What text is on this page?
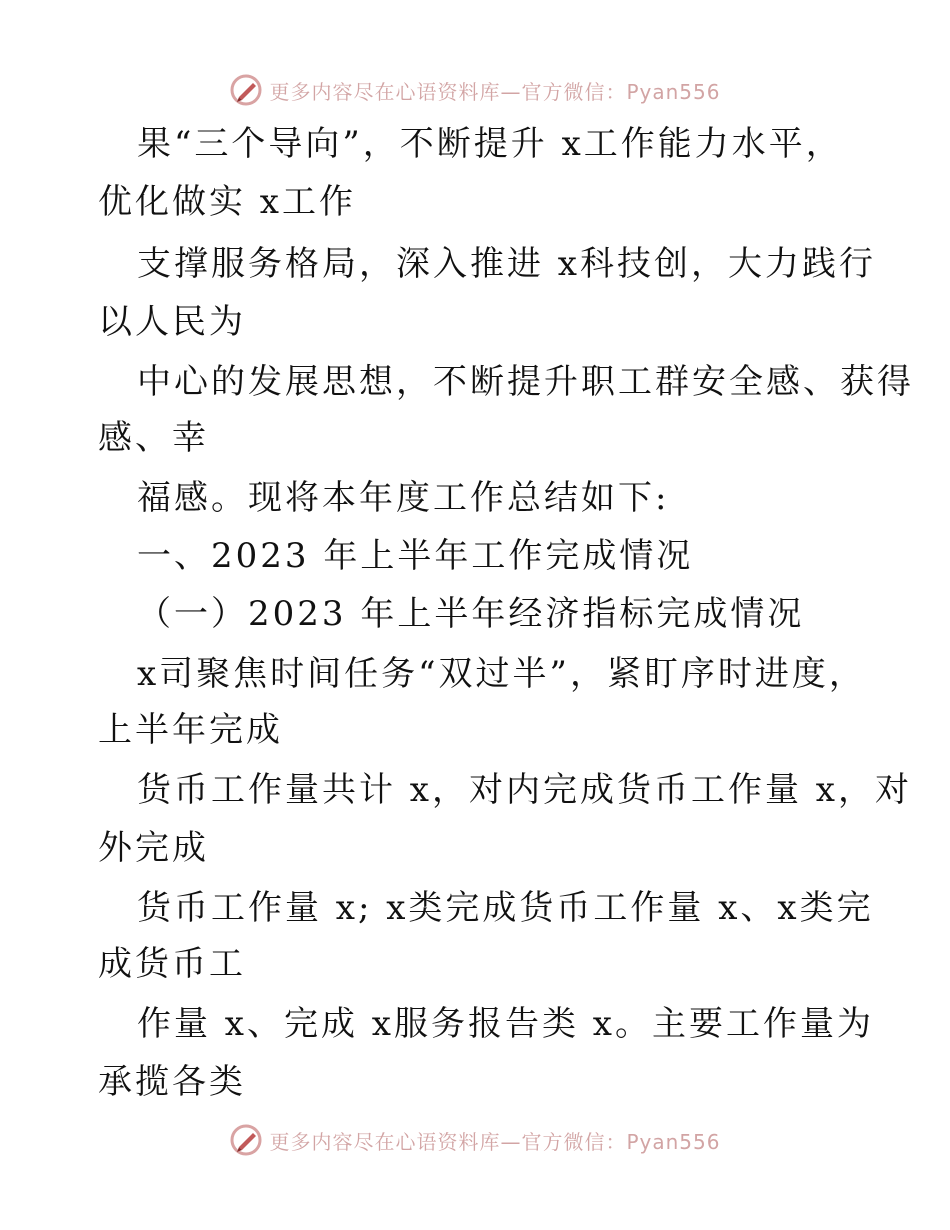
更多内容尽在心语资料库—官方微信：Pyan556
果“三个导向”，不断提升 x工作能力水平，
优化做实 x工作
支撑服务格局，深入推进 x科技创，大力践行
以人民为
中心的发展思想，不断提升职工群安全感、获得
感、幸
福感。现将本年度工作总结如下:
一、2023 年上半年工作完成情况
（一）2023 年上半年经济指标完成情况
x司聚焦时间任务“双过半”，紧盯序时进度，
上半年完成
货币工作量共计 x，对内完成货币工作量 x，对
外完成
货币工作量 x; x类完成货币工作量 x、x类完
成货币工
作量 x、完成 x服务报告类 x。主要工作量为
承揽各类
更多内容尽在心语资料库—官方微信：Pyan556
